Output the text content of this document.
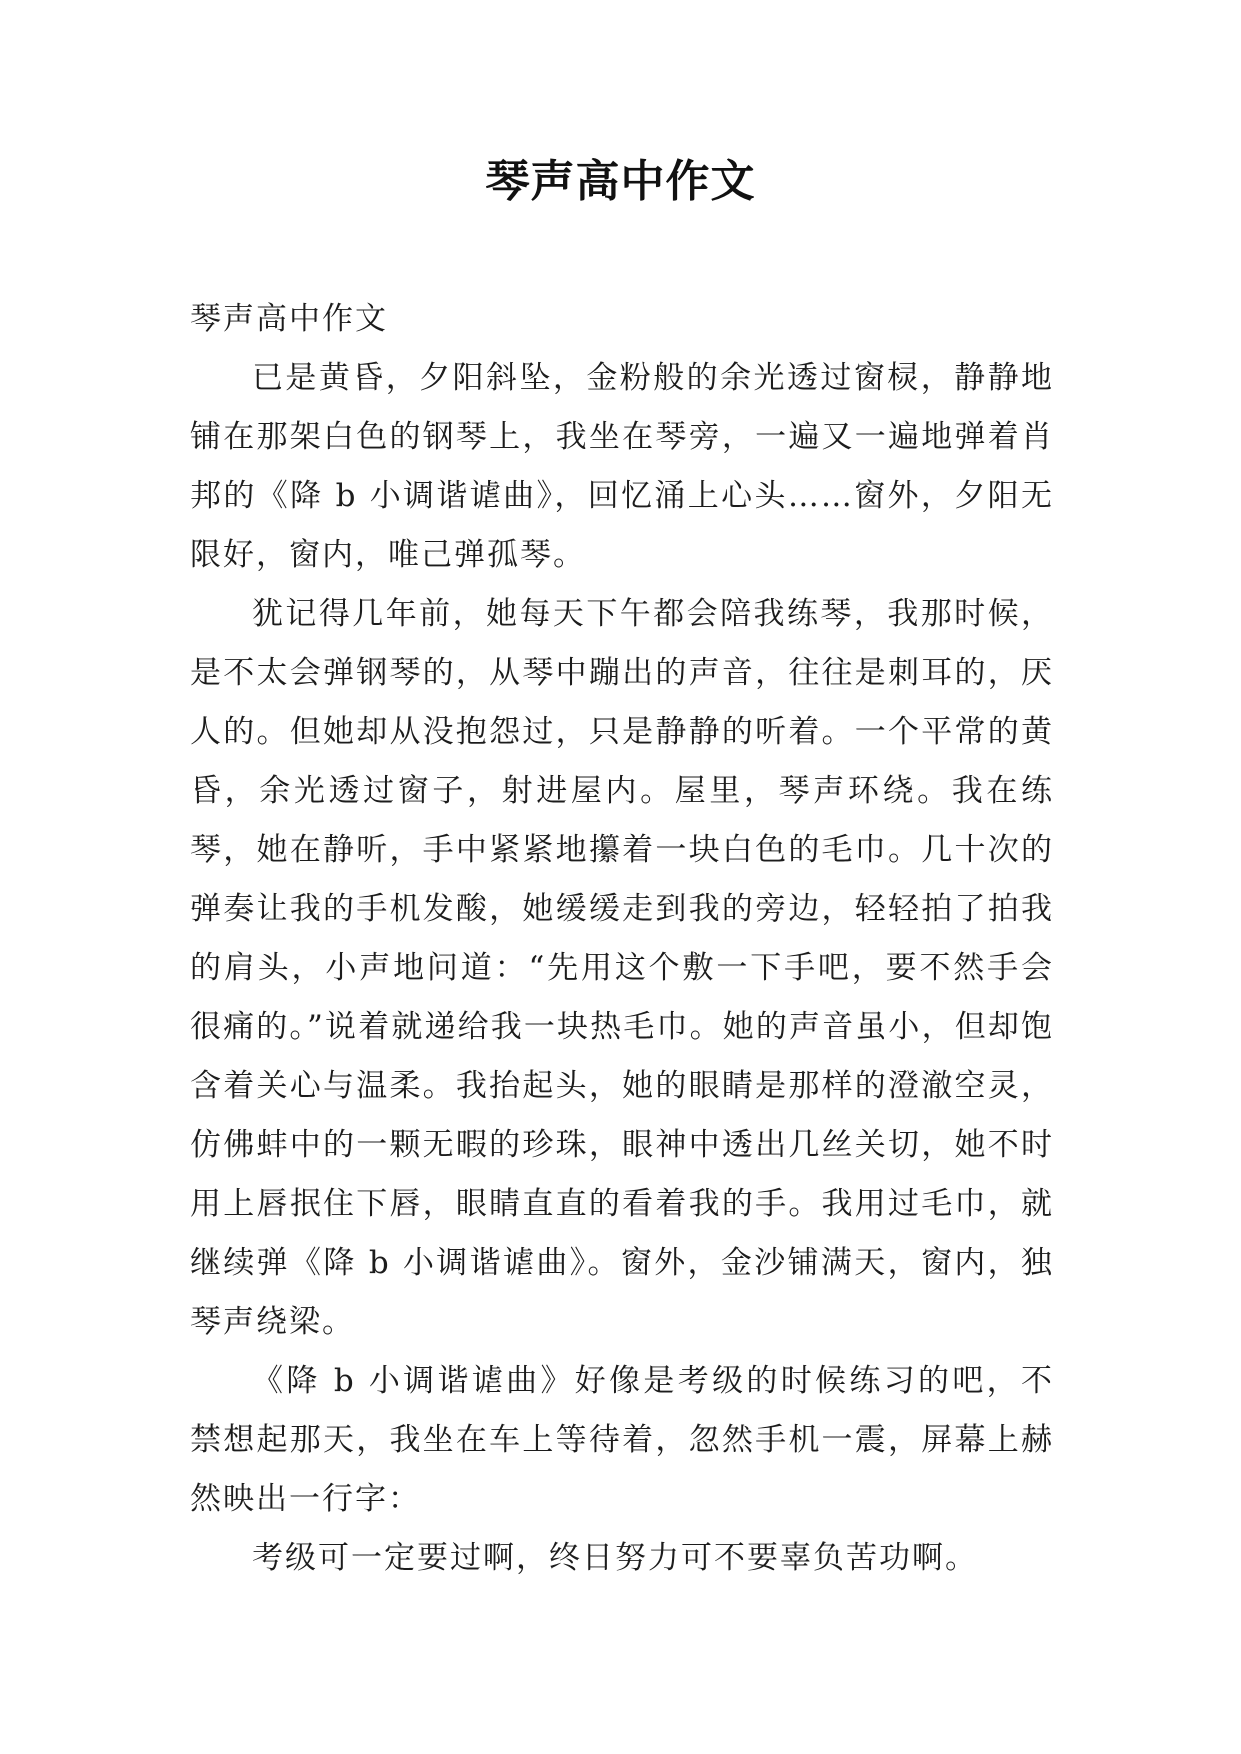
琴声高中作文

琴声高中作文

已是黄昏，夕阳斜坠，金粉般的余光透过窗棂，静静地铺在那架白色的钢琴上，我坐在琴旁，一遍又一遍地弹着肖邦的《降 b 小调谐谑曲》，回忆涌上心头……窗外，夕阳无限好，窗内，唯己弹孤琴。

犹记得几年前，她每天下午都会陪我练琴，我那时候，是不太会弹钢琴的，从琴中蹦出的声音，往往是刺耳的，厌人的。但她却从没抱怨过，只是静静的听着。一个平常的黄昏，余光透过窗子，射进屋内。屋里，琴声环绕。我在练琴，她在静听，手中紧紧地攥着一块白色的毛巾。几十次的弹奏让我的手机发酸，她缓缓走到我的旁边，轻轻拍了拍我的肩头，小声地问道：“先用这个敷一下手吧，要不然手会很痛的。”说着就递给我一块热毛巾。她的声音虽小，但却饱含着关心与温柔。我抬起头，她的眼睛是那样的澄澈空灵，仿佛蚌中的一颗无暇的珍珠，眼神中透出几丝关切，她不时用上唇抿住下唇，眼睛直直的看着我的手。我用过毛巾，就继续弹《降 b 小调谐谑曲》。窗外，金沙铺满天，窗内，独琴声绕梁。

《降 b 小调谐谑曲》好像是考级的时候练习的吧，不禁想起那天，我坐在车上等待着，忽然手机一震，屏幕上赫然映出一行字：

考级可一定要过啊，终日努力可不要辜负苦功啊。
